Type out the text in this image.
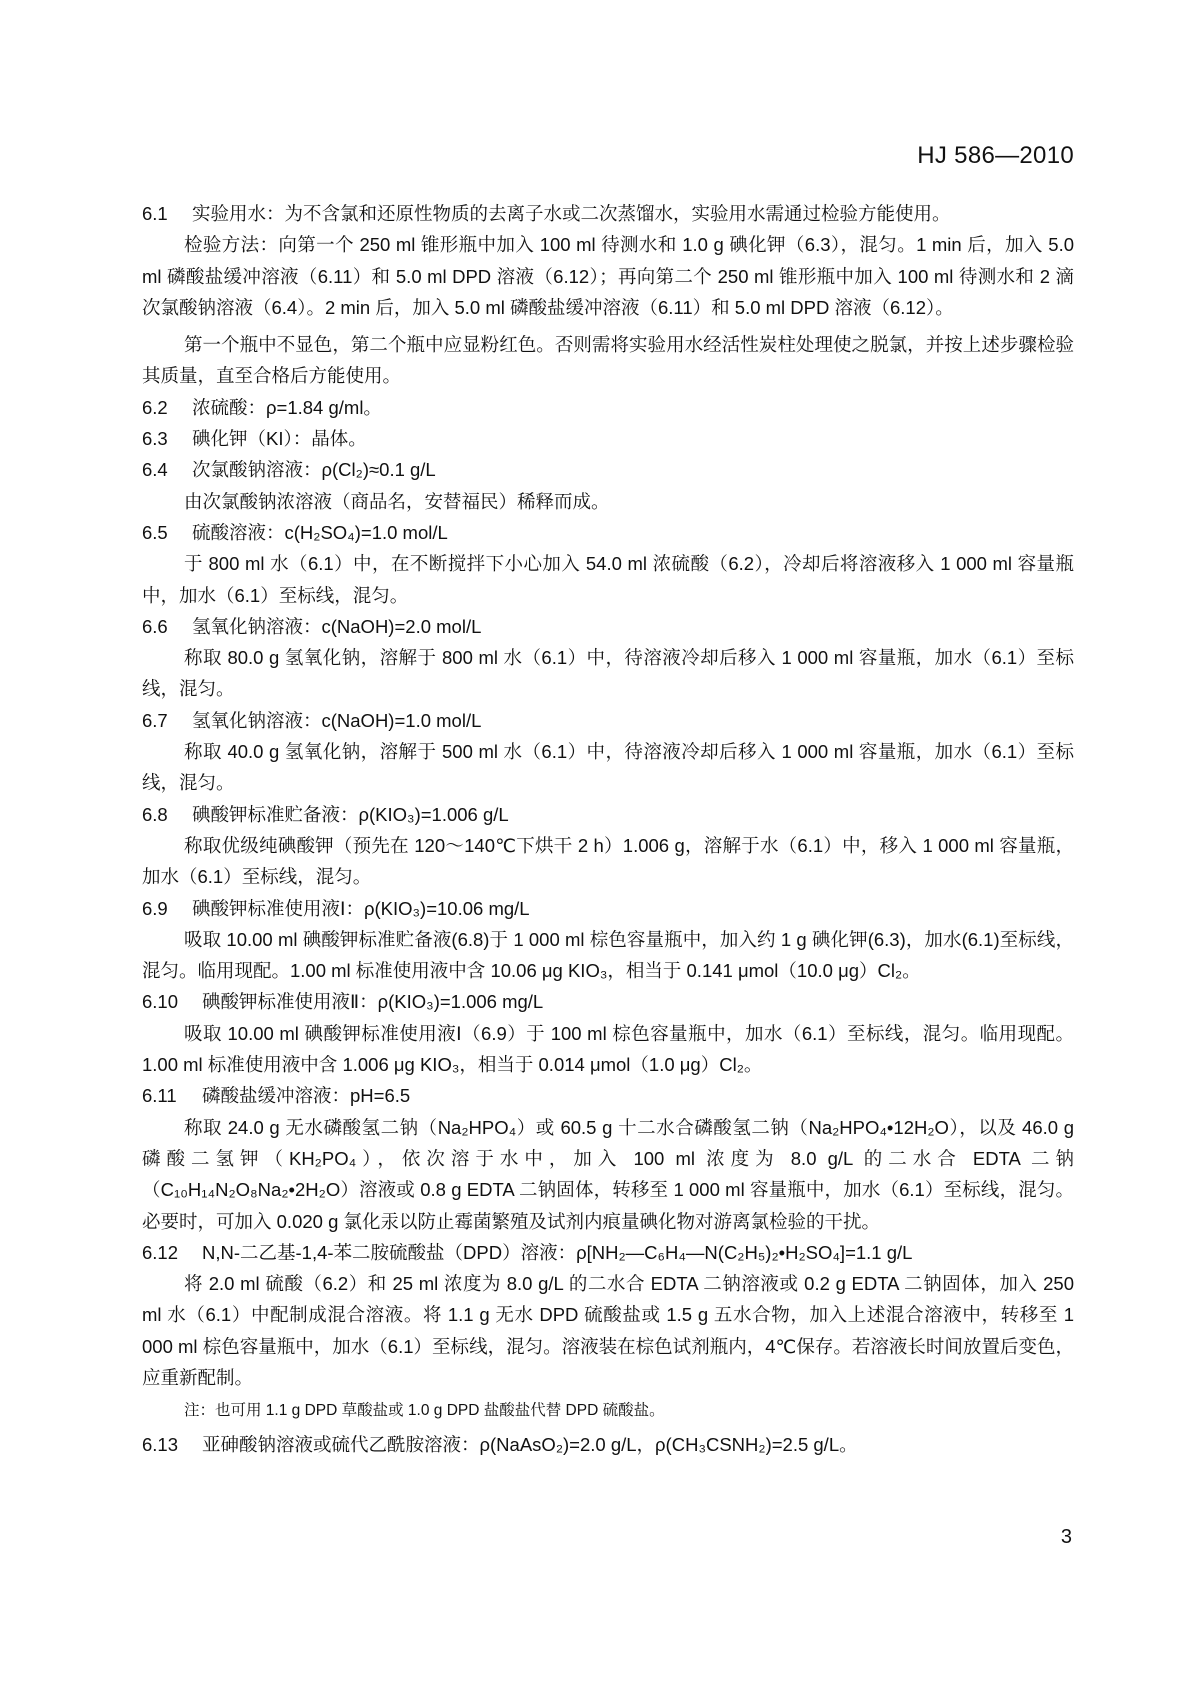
HJ 586—2010

6.1 实验用水：为不含氯和还原性物质的去离子水或二次蒸馏水，实验用水需通过检验方能使用。

检验方法：向第一个 250 ml 锥形瓶中加入 100 ml 待测水和 1.0 g 碘化钾（6.3），混匀。1 min 后，加入 5.0 ml 磷酸盐缓冲溶液（6.11）和 5.0 ml DPD 溶液（6.12）；再向第二个 250 ml 锥形瓶中加入 100 ml 待测水和 2 滴次氯酸钠溶液（6.4）。2 min 后，加入 5.0 ml 磷酸盐缓冲溶液（6.11）和 5.0 ml DPD 溶液（6.12）。

第一个瓶中不显色，第二个瓶中应显粉红色。否则需将实验用水经活性炭柱处理使之脱氯，并按上述步骤检验其质量，直至合格后方能使用。

6.2 浓硫酸：ρ=1.84 g/ml。

6.3 碘化钾（KI）：晶体。

6.4 次氯酸钠溶液：ρ(Cl₂)≈0.1 g/L

由次氯酸钠浓溶液（商品名，安替福民）稀释而成。

6.5 硫酸溶液：c(H₂SO₄)=1.0 mol/L

于 800 ml 水（6.1）中，在不断搅拌下小心加入 54.0 ml 浓硫酸（6.2），冷却后将溶液移入 1 000 ml 容量瓶中，加水（6.1）至标线，混匀。

6.6 氢氧化钠溶液：c(NaOH)=2.0 mol/L

称取 80.0 g 氢氧化钠，溶解于 800 ml 水（6.1）中，待溶液冷却后移入 1 000 ml 容量瓶，加水（6.1）至标线，混匀。

6.7 氢氧化钠溶液：c(NaOH)=1.0 mol/L

称取 40.0 g 氢氧化钠，溶解于 500 ml 水（6.1）中，待溶液冷却后移入 1 000 ml 容量瓶，加水（6.1）至标线，混匀。

6.8 碘酸钾标准贮备液：ρ(KIO₃)=1.006 g/L

称取优级纯碘酸钾（预先在 120～140℃下烘干 2 h）1.006 g，溶解于水（6.1）中，移入 1 000 ml 容量瓶，加水（6.1）至标线，混匀。

6.9 碘酸钾标准使用液Ⅰ：ρ(KIO₃)=10.06 mg/L

吸取 10.00 ml 碘酸钾标准贮备液(6.8)于 1 000 ml 棕色容量瓶中，加入约 1 g 碘化钾(6.3)，加水(6.1)至标线，混匀。临用现配。1.00 ml 标准使用液中含 10.06 μg KIO₃，相当于 0.141 μmol（10.0 μg）Cl₂。

6.10 碘酸钾标准使用液Ⅱ：ρ(KIO₃)=1.006 mg/L

吸取 10.00 ml 碘酸钾标准使用液Ⅰ（6.9）于 100 ml 棕色容量瓶中，加水（6.1）至标线，混匀。临用现配。1.00 ml 标准使用液中含 1.006 μg KIO₃，相当于 0.014 μmol（1.0 μg）Cl₂。

6.11 磷酸盐缓冲溶液：pH=6.5

称取 24.0 g 无水磷酸氢二钠（Na₂HPO₄）或 60.5 g 十二水合磷酸氢二钠（Na₂HPO₄•12H₂O），以及 46.0 g 磷酸二氢钾（KH₂PO₄），依次溶于水中，加入 100 ml 浓度为 8.0 g/L 的二水合 EDTA 二钠（C₁₀H₁₄N₂O₈Na₂•2H₂O）溶液或 0.8 g EDTA 二钠固体，转移至 1 000 ml 容量瓶中，加水（6.1）至标线，混匀。必要时，可加入 0.020 g 氯化汞以防止霉菌繁殖及试剂内痕量碘化物对游离氯检验的干扰。

6.12 N,N-二乙基-1,4-苯二胺硫酸盐（DPD）溶液：ρ[NH₂—C₆H₄—N(C₂H₅)₂•H₂SO₄]=1.1 g/L

将 2.0 ml 硫酸（6.2）和 25 ml 浓度为 8.0 g/L 的二水合 EDTA 二钠溶液或 0.2 g EDTA 二钠固体，加入 250 ml 水（6.1）中配制成混合溶液。将 1.1 g 无水 DPD 硫酸盐或 1.5 g 五水合物，加入上述混合溶液中，转移至 1 000 ml 棕色容量瓶中，加水（6.1）至标线，混匀。溶液装在棕色试剂瓶内，4℃保存。若溶液长时间放置后变色，应重新配制。

注：也可用 1.1 g DPD 草酸盐或 1.0 g DPD 盐酸盐代替 DPD 硫酸盐。

6.13 亚砷酸钠溶液或硫代乙酰胺溶液：ρ(NaAsO₂)=2.0 g/L，ρ(CH₃CSNH₂)=2.5 g/L。

3
